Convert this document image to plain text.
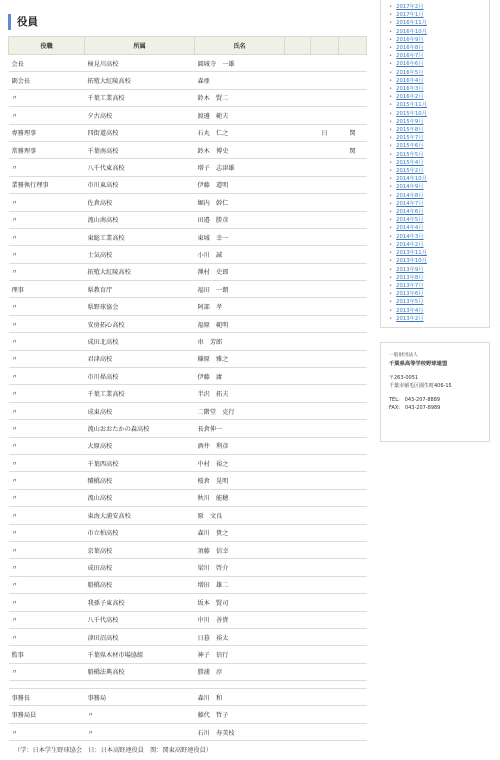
役員
役職	所属	氏名			
会長	検見川高校	圓城寺　一雄			
副会長	拓殖大紅陵高校	森亜			
〃	千葉工業高校	鈴木　賢二			
〃	夕古高校	渡邊　範夫			
専務理事	四街道高校	石丸　仁之		日	関
常務理事	千葉南高校	鈴木　博史			関
〃	八千代東高校	増子　志津雄			
業務執行理事	市川東高校	伊藤　道明			
〃	佐倉高校	堀内　幹仁			
〃	流山南高校	田邉　勝彦			
〃	東総工業高校	東城　幸一			
〃	士気高校	小川　誠			
〃	拓殖大紅陵高校	澤村　史郎			
理事	県教育庁	福田　一朗			
〃	県野球協会	阿部　孝			
〃	安房拓心高校	福原　範明			
〃	成田北高校	車　芳郎			
〃	君津高校	篠原　雅之			
〃	市川昴高校	伊藤　庸			
〃	千葉工業高校	半沢　拓夫			
〃	成東高校	二階堂　克行			
〃	流山おおたかの森高校	長倉伸一			
〃	大原高校	酒井　利彦			
〃	千葉西高校	中村　裕之			
〃	犢橋高校	桜倉　晃明			
〃	流山高校	秋川　能穂			
〃	東海大浦安高校	原　文良			
〃	市立柏高校	森川　貴之			
〃	京葉高校	須藤　信幸			
〃	成田高校	梁川　啓介			
〃	船橋高校	増田　雄二			
〃	我孫子東高校	坂本　賢司			
〃	八千代高校	中川　善貴			
〃	津田沼高校	日暮　裕太			
監事	千葉県木材市場協組	神子　信行			
〃	船橋法典高校	勝浦　淳			

事務長	事務局	森川　和			
事務局員	〃	藤代　哲子			
〃	〃	石川　寿美枝			
（学：日本学生野球協会　日：日本高野連役員　関：関東高野連役員）
• 2017年2月
• 2017年1月
• 2016年11月
• 2016年10月
• 2016年9月
• 2016年8月
• 2016年7月
• 2016年6月
• 2016年5月
• 2016年4月
• 2016年3月
• 2016年2月
• 2015年11月
• 2015年10月
• 2015年9月
• 2015年8月
• 2015年7月
• 2015年6月
• 2015年5月
• 2015年4月
• 2015年2月
• 2014年10月
• 2014年9月
• 2014年8月
• 2014年7月
• 2014年6月
• 2014年5月
• 2014年4月
• 2014年3月
• 2014年2月
• 2013年11月
• 2013年10月
• 2013年9月
• 2013年8月
• 2013年7月
• 2013年6月
• 2013年5月
• 2013年4月
• 2013年2月
一般財団法人
千葉県高等学校野球連盟
〒263-0051
千葉市稲毛区園生町406-15
TEL:　043-207-8889
FAX:　043-207-8989
